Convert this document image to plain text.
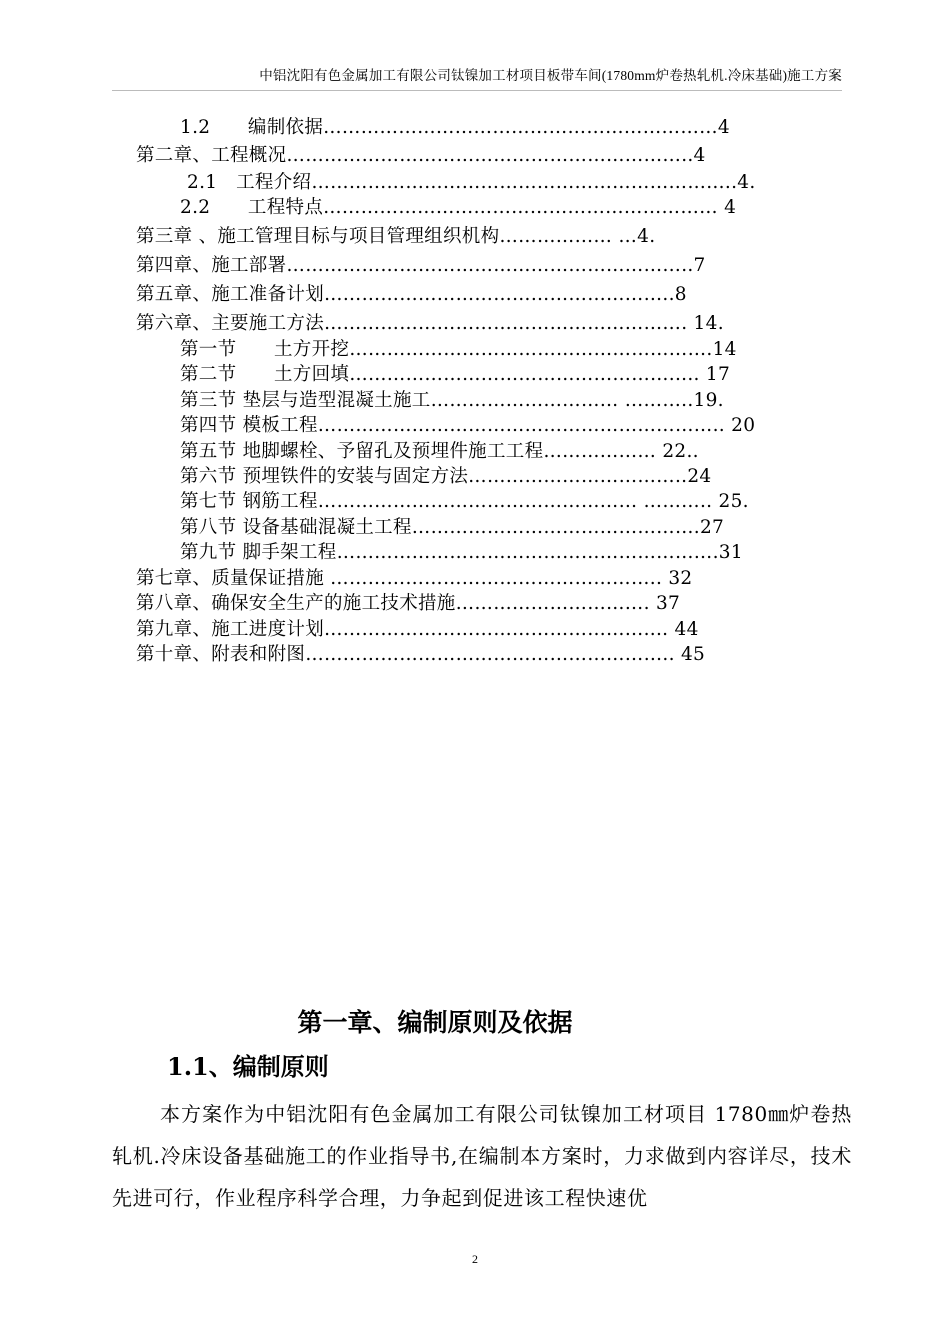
中铝沈阳有色金属加工有限公司钛镍加工材项目板带车间(1780mm炉卷热轧机.冷床基础)施工方案
1.2　　编制依据………………………………………………………4
第二章、工程概况………………………………………………………..4
2.1　工程介绍…………………………………………………………..4.
2.2　　工程特点……………………………………………………… 4
第三章 、施工管理目标与项目管理组织机构……………… …4.
第四章、施工部署………………………………………………………..7
第五章、施工准备计划………………………………………………..8
第六章、主要施工方法…………………………………………………. 14.
第一节　　土方开挖………………………………………………….14
第二节　　土方回填……………………………………………..... 17
第三节 垫层与造型混凝土施工………………………… ………..19.
第四节 模板工程……………………………………………………….. 20
第五节 地脚螺栓、予留孔及预埋件施工工程……………… 22..
第六节 预埋铁件的安装与固定方法……………………………..24
第七节 钢筋工程…………………………………………… ……….. 25.
第八节 设备基础混凝土工程……………………………………….27
第九节 脚手架工程…………………………………………………….31
第七章、质量保证措施 …………………………………………….. 32
第八章、确保安全生产的施工技术措施…………………………. 37
第九章、施工进度计划…………………………………………….... 44
第十章、附表和附图………………………………………………….. 45
第一章、编制原则及依据
1.1、编制原则
本方案作为中铝沈阳有色金属加工有限公司钛镍加工材项目 1780㎜炉卷热轧机.冷床设备基础施工的作业指导书,在编制本方案时，力求做到内容详尽，技术先进可行，作业程序科学合理，力争起到促进该工程快速优
2
